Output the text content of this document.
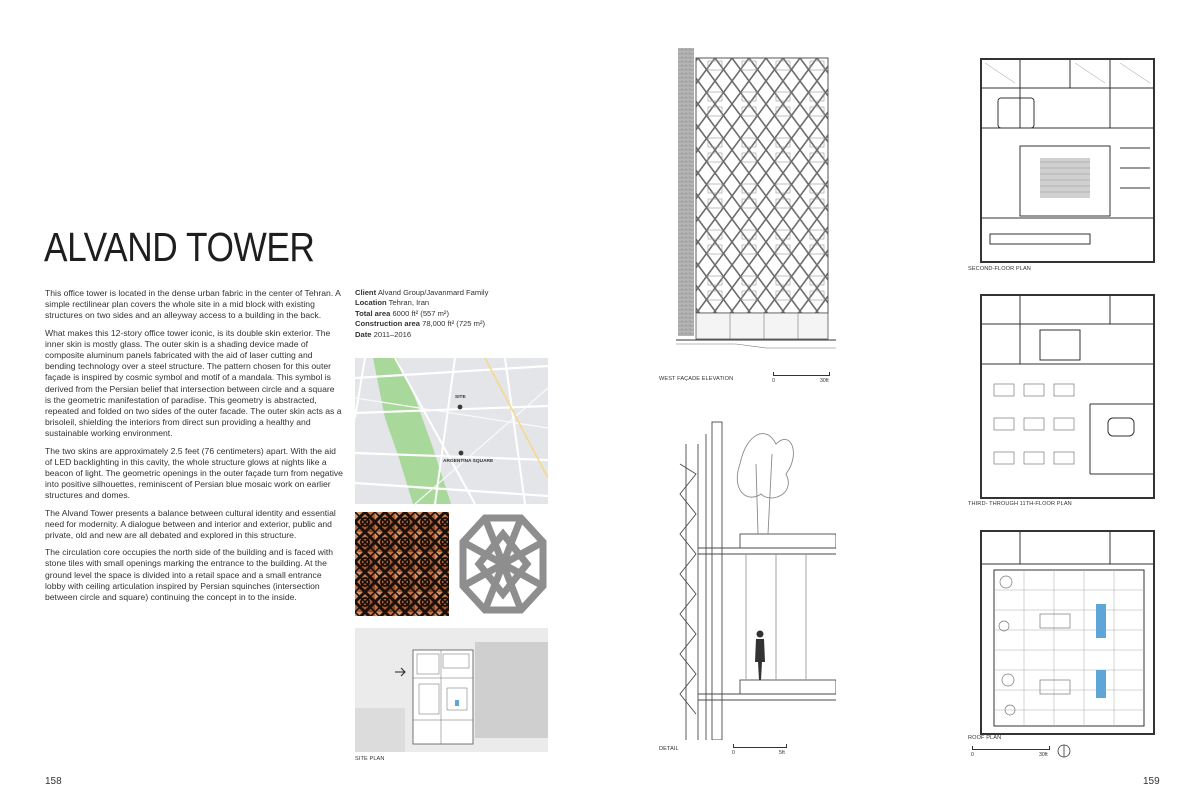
ALVAND TOWER

This office tower is located in the dense urban fabric in the center of Tehran. A simple rectilinear plan covers the whole site in a mid block with existing structures on two sides and an alleyway access to a building in the back.

What makes this 12-story office tower iconic, is its double skin exterior. The inner skin is mostly glass. The outer skin is a shading device made of composite aluminum panels fabricated with the aid of laser cutting and bending technology over a steel structure. The pattern chosen for this outer façade is inspired by cosmic symbol and motif of a mandala. This symbol is derived from the Persian belief that intersection between circle and a square is the geometric manifestation of paradise. This geometry is abstracted, repeated and folded on two sides of the outer facade. The outer skin acts as a brisoleil, shielding the interiors from direct sun providing a healthy and sustainable working environment.

The two skins are approximately 2.5 feet (76 centimeters) apart. With the aid of LED backlighting in this cavity, the whole structure glows at nights like a beacon of light. The geometric openings in the outer façade turn from negative into positive silhouettes, reminiscent of Persian blue mosaic work on earlier structures and domes.

The Alvand Tower presents a balance between cultural identity and essential need for modernity. A dialogue between and interior and exterior, public and private, old and new are all debated and explored in this structure.

The circulation core occupies the north side of the building and is faced with stone tiles with small openings marking the entrance to the building. At the ground level the space is divided into a retail space and a small entrance lobby with ceiling articulation inspired by Persian squinches (intersection between circle and square) continuing the concept in to the inside.

Client Alvand Group/Javanmard Family
Location Tehran, Iran
Total area 6000 ft² (557 m²)
Construction area 78,000 ft² (725 m²)
Date 2011–2016
SITE
ARGENTINA SQUARE
SITE PLAN
158
WEST FAÇADE ELEVATION	0	30ft
DETAIL
0	5ft
SECOND-FLOOR PLAN
THIRD- THROUGH 11TH-FLOOR PLAN
ROOF PLAN
0	30ft
159
